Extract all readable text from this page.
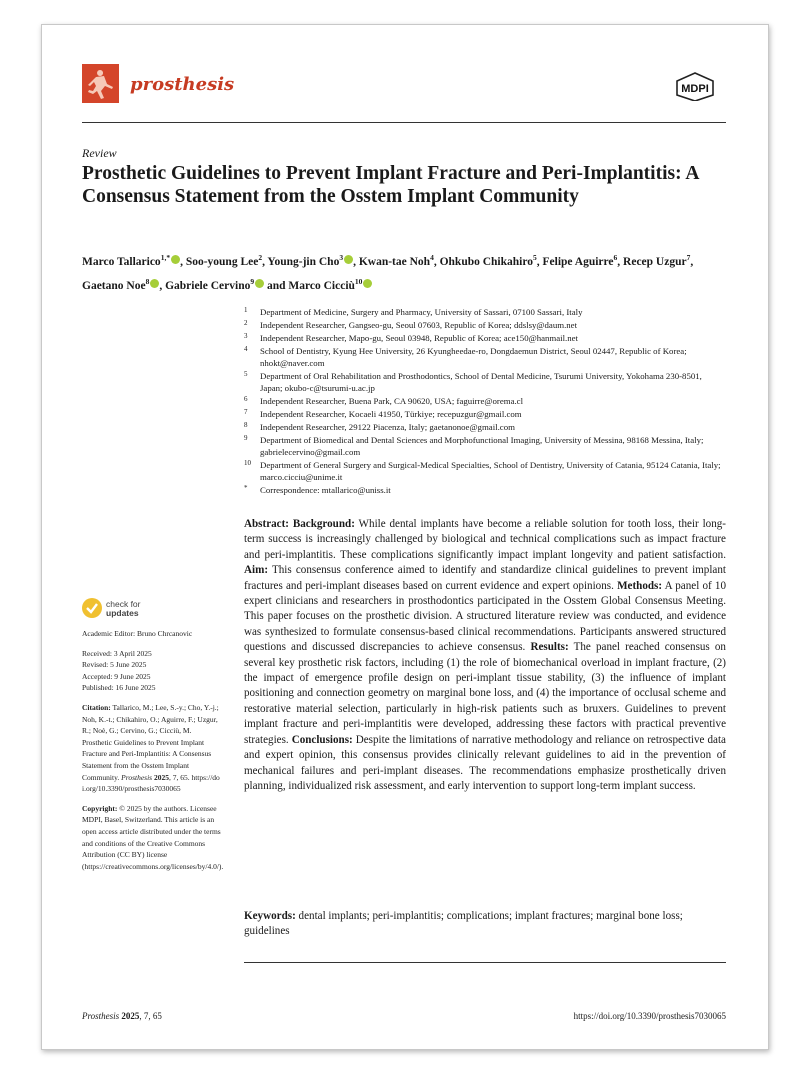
prosthesis	MDPI
Review
Prosthetic Guidelines to Prevent Implant Fracture and Peri-Implantitis: A Consensus Statement from the Osstem Implant Community
Marco Tallarico$^{1,*}$ , Soo-young Lee$^2$, Young-jin Cho$^3$ , Kwan-tae Noh$^4$, Ohkubo Chikahiro$^5$, Felipe Aguirre$^6$, Recep Uzgur$^7$, Gaetano Noe$^8$ , Gabriele Cervino$^9$ and Marco Cicciù$^{10}$
1 Department of Medicine, Surgery and Pharmacy, University of Sassari, 07100 Sassari, Italy
2 Independent Researcher, Gangseo-gu, Seoul 07603, Republic of Korea; ddslsy@daum.net
3 Independent Researcher, Mapo-gu, Seoul 03948, Republic of Korea; ace150@hanmail.net
4 School of Dentistry, Kyung Hee University, 26 Kyungheedae-ro, Dongdaemun District, Seoul 02447, Republic of Korea; nhokt@naver.com
5 Department of Oral Rehabilitation and Prosthodontics, School of Dental Medicine, Tsurumi University, Yokohama 230-8501, Japan; okubo-c@tsurumi-u.ac.jp
6 Independent Researcher, Buena Park, CA 90620, USA; faguirre@orema.cl
7 Independent Researcher, Kocaeli 41950, Türkiye; recepuzgur@gmail.com
8 Independent Researcher, 29122 Piacenza, Italy; gaetanonoe@gmail.com
9 Department of Biomedical and Dental Sciences and Morphofunctional Imaging, University of Messina, 98168 Messina, Italy; gabrielecervino@gmail.com
10 Department of General Surgery and Surgical-Medical Specialties, School of Dentistry, University of Catania, 95124 Catania, Italy; marco.cicciu@unime.it
* Correspondence: mtallarico@uniss.it
Abstract: Background: While dental implants have become a reliable solution for tooth loss, their long-term success is increasingly challenged by biological and technical complications such as impact fracture and peri-implantitis. These complications significantly impact implant longevity and patient satisfaction. Aim: This consensus conference aimed to identify and standardize clinical guidelines to prevent implant fractures and peri-implant diseases based on current evidence and expert opinions. Methods: A panel of 10 expert clinicians and researchers in prosthodontics participated in the Osstem Global Consensus Meeting. This paper focuses on the prosthetic division. A structured literature review was conducted, and evidence was synthesized to formulate consensus-based clinical recommendations. Participants answered structured questions and discussed discrepancies to achieve consensus. Results: The panel reached consensus on several key prosthetic risk factors, including (1) the role of biomechanical overload in implant fracture, (2) the impact of emergence profile design on peri-implant tissue stability, (3) the influence of implant positioning and connection geometry on marginal bone loss, and (4) the importance of occlusal scheme and restorative material selection, particularly in high-risk patients such as bruxers. Guidelines to prevent implant fracture and peri-implantitis were developed, addressing these factors with practical preventive strategies. Conclusions: Despite the limitations of narrative methodology and reliance on retrospective data and expert opinion, this consensus provides clinically relevant guidelines to aid in the prevention of mechanical failures and peri-implant diseases. The recommendations emphasize prosthetically driven planning, individualized risk assessment, and early intervention to support long-term implant success.
Keywords: dental implants; peri-implantitis; complications; implant fractures; marginal bone loss; guidelines
check for
updates

Academic Editor: Bruno Chrcanovic

Received: 3 April 2025
Revised: 5 June 2025
Accepted: 9 June 2025
Published: 16 June 2025

Citation: Tallarico, M.; Lee, S.-y.; Cho, Y.-j.; Noh, K.-t.; Chikahiro, O.; Aguirre, F.; Uzgur, R.; Noè, G.; Cervino, G.; Cicciù, M. Prosthetic Guidelines to Prevent Implant Fracture and Peri-Implantitis: A Consensus Statement from the Osstem Implant Community. Prosthesis 2025, 7, 65. https://doi.org/10.3390/prosthesis7030065

Copyright: © 2025 by the authors. Licensee MDPI, Basel, Switzerland. This article is an open access article distributed under the terms and conditions of the Creative Commons Attribution (CC BY) license (https://creativecommons.org/licenses/by/4.0/).

Prosthesis 2025, 7, 65	https://doi.org/10.3390/prosthesis7030065
